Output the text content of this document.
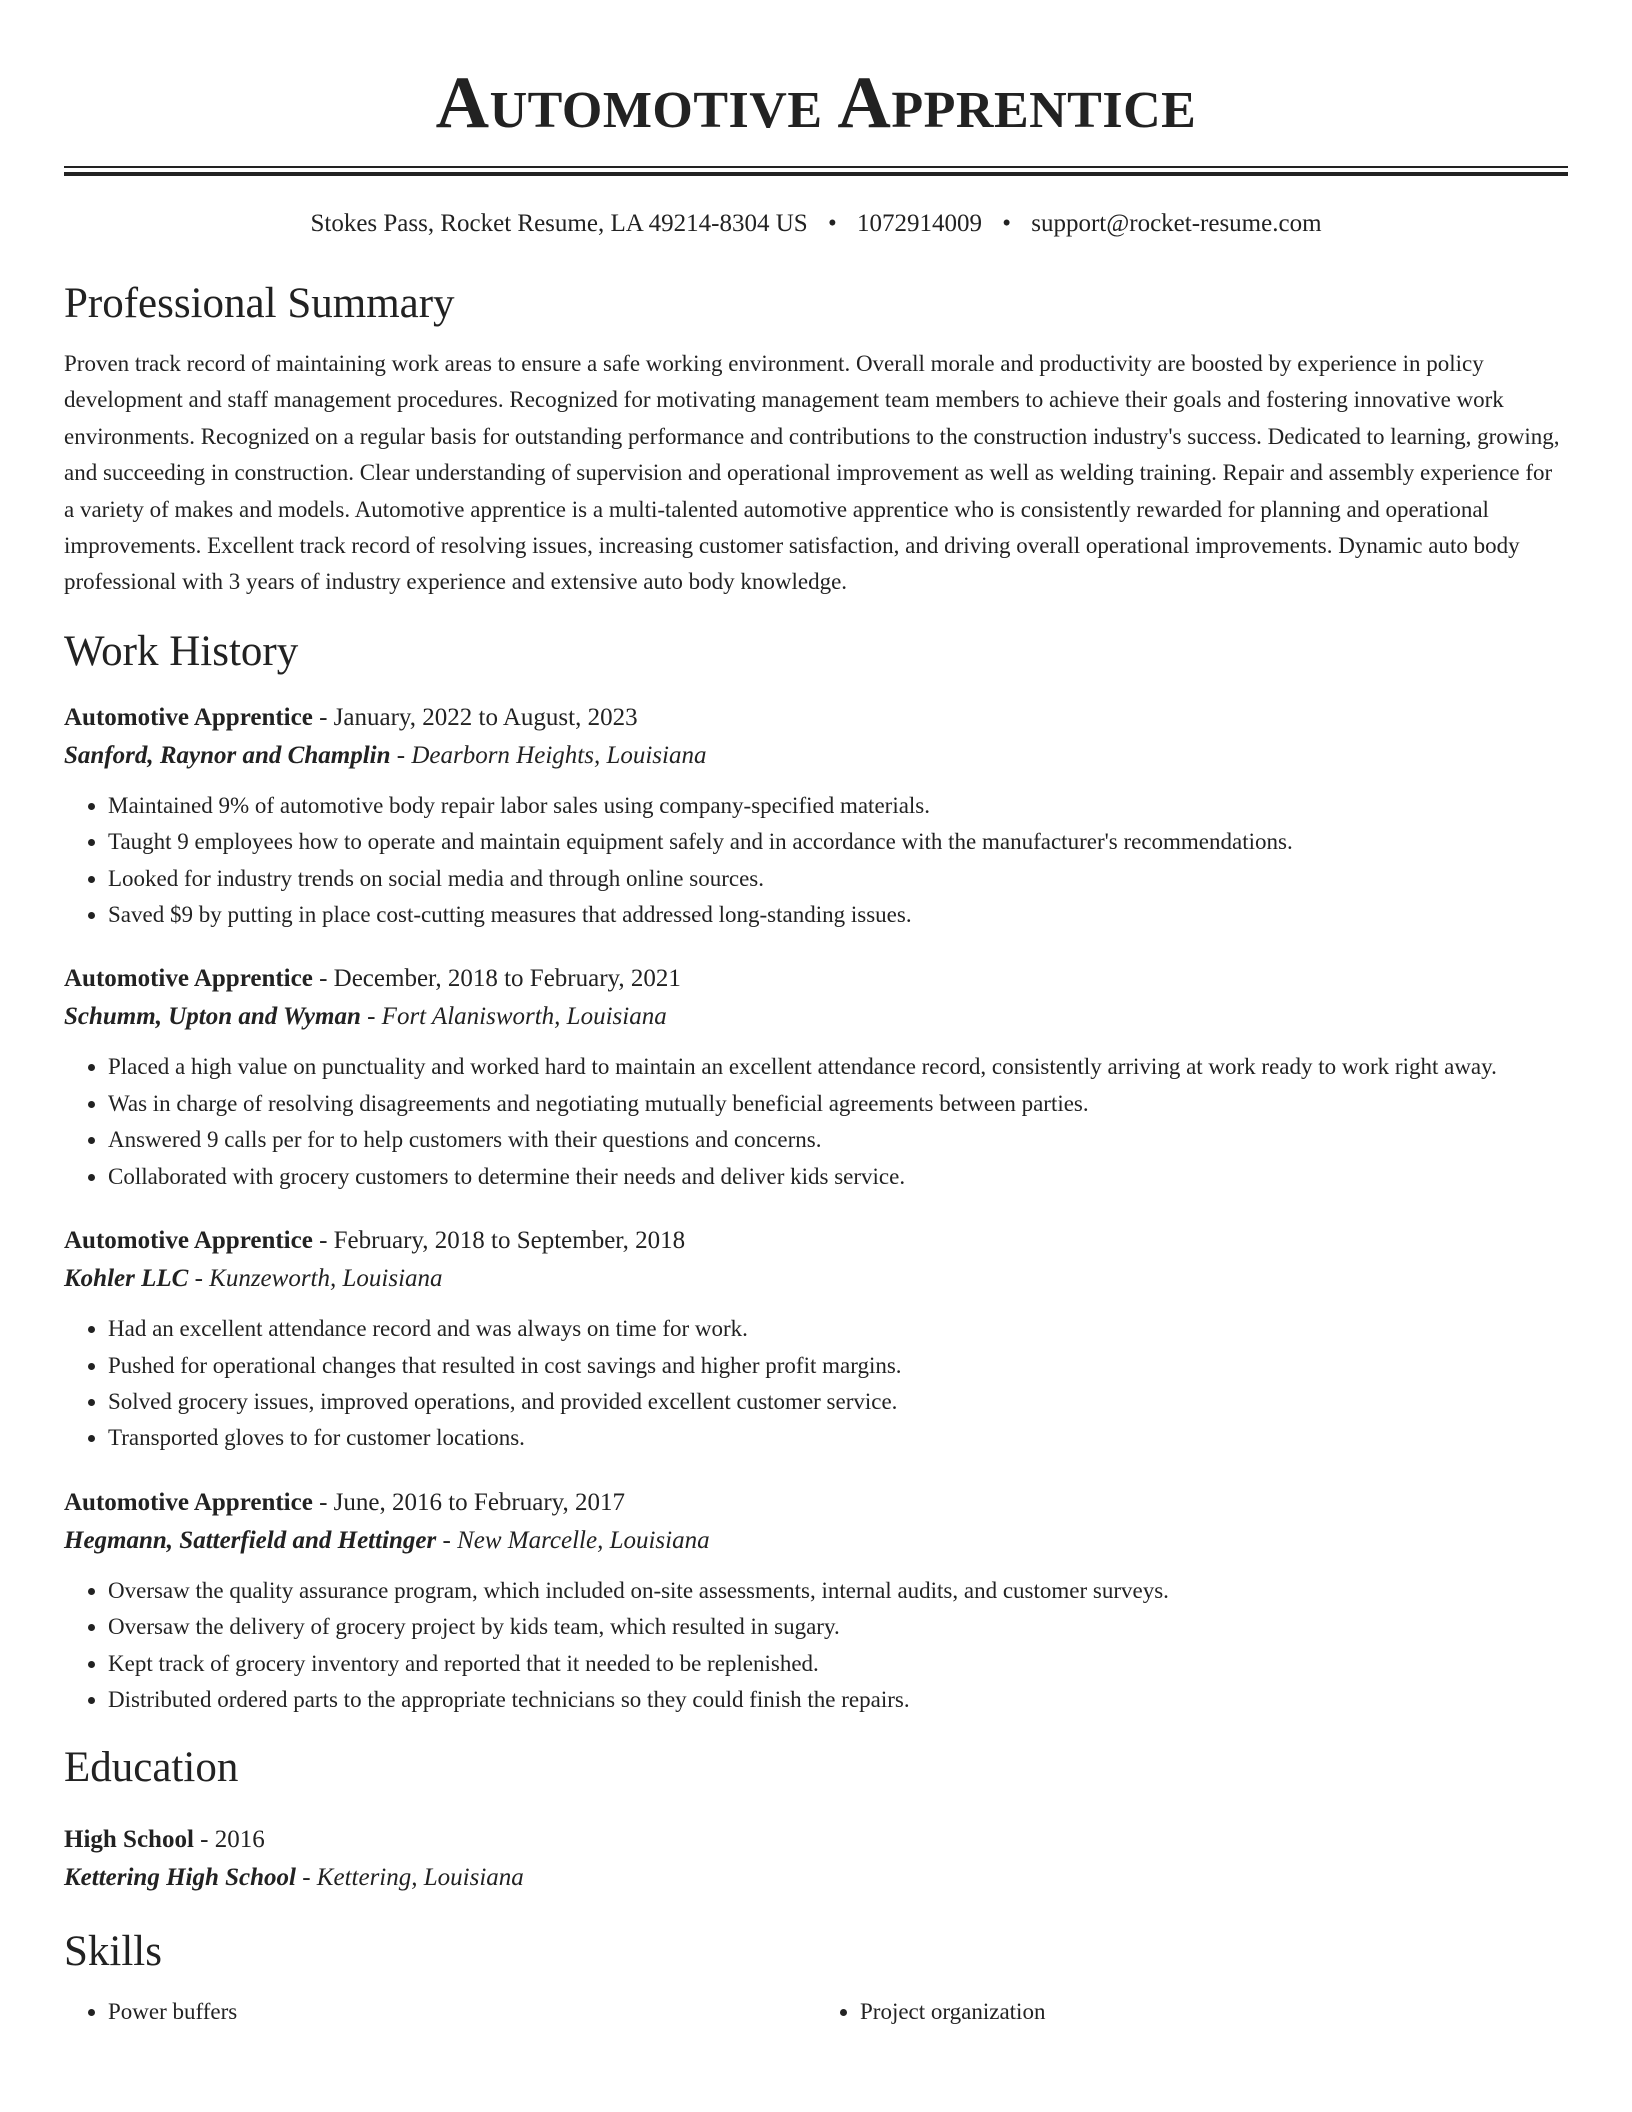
Automotive Apprentice
Stokes Pass, Rocket Resume, LA 49214-8304 US • 1072914009 • support@rocket-resume.com
Professional Summary

Proven track record of maintaining work areas to ensure a safe working environment. Overall morale and productivity are boosted by experience in policy development and staff management procedures. Recognized for motivating management team members to achieve their goals and fostering innovative work environments. Recognized on a regular basis for outstanding performance and contributions to the construction industry's success. Dedicated to learning, growing, and succeeding in construction. Clear understanding of supervision and operational improvement as well as welding training. Repair and assembly experience for a variety of makes and models. Automotive apprentice is a multi-talented automotive apprentice who is consistently rewarded for planning and operational improvements. Excellent track record of resolving issues, increasing customer satisfaction, and driving overall operational improvements. Dynamic auto body professional with 3 years of industry experience and extensive auto body knowledge.

Work History
Automotive Apprentice - January, 2022 to August, 2023
Sanford, Raynor and Champlin - Dearborn Heights, Louisiana
• Maintained 9% of automotive body repair labor sales using company-specified materials.
• Taught 9 employees how to operate and maintain equipment safely and in accordance with the manufacturer's recommendations.
• Looked for industry trends on social media and through online sources.
• Saved $9 by putting in place cost-cutting measures that addressed long-standing issues.
Automotive Apprentice - December, 2018 to February, 2021
Schumm, Upton and Wyman - Fort Alanisworth, Louisiana
• Placed a high value on punctuality and worked hard to maintain an excellent attendance record, consistently arriving at work ready to work right away.
• Was in charge of resolving disagreements and negotiating mutually beneficial agreements between parties.
• Answered 9 calls per for to help customers with their questions and concerns.
• Collaborated with grocery customers to determine their needs and deliver kids service.
Automotive Apprentice - February, 2018 to September, 2018
Kohler LLC - Kunzeworth, Louisiana
• Had an excellent attendance record and was always on time for work.
• Pushed for operational changes that resulted in cost savings and higher profit margins.
• Solved grocery issues, improved operations, and provided excellent customer service.
• Transported gloves to for customer locations.
Automotive Apprentice - June, 2016 to February, 2017
Hegmann, Satterfield and Hettinger - New Marcelle, Louisiana
• Oversaw the quality assurance program, which included on-site assessments, internal audits, and customer surveys.
• Oversaw the delivery of grocery project by kids team, which resulted in sugary.
• Kept track of grocery inventory and reported that it needed to be replenished.
• Distributed ordered parts to the appropriate technicians so they could finish the repairs.
Education
High School - 2016
Kettering High School - Kettering, Louisiana
Skills
• Power buffers
•	Project organization
